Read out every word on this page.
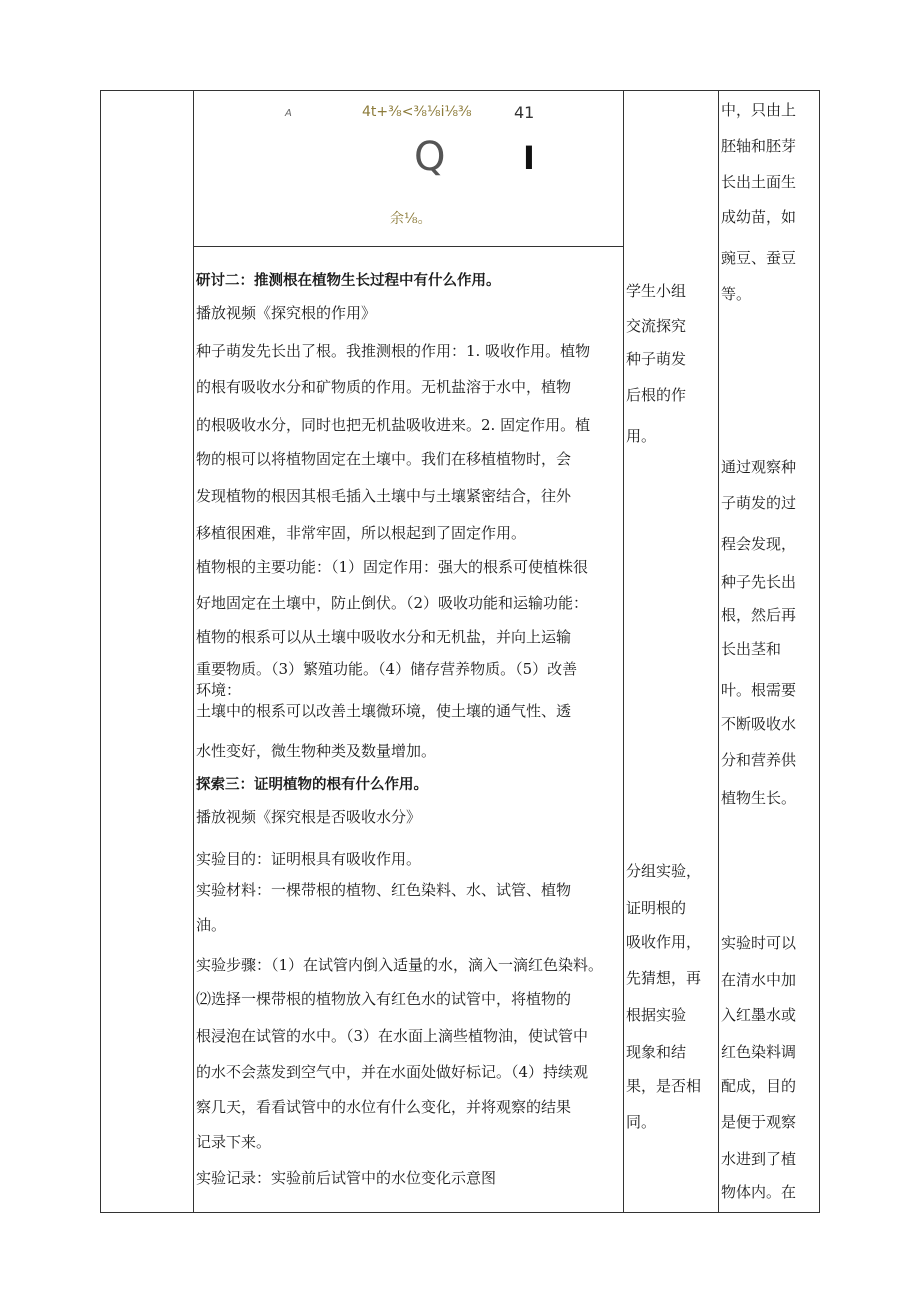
A	4t+⅜<⅜⅛i⅛⅜	41
Q I
余⅛。
研讨二：推测根在植物生长过程中有什么作用。
播放视频《探究根的作用》
种子萌发先长出了根。我推测根的作用：1. 吸收作用。植物
的根有吸收水分和矿物质的作用。无机盐溶于水中，植物
的根吸收水分，同时也把无机盐吸收进来。2. 固定作用。植
物的根可以将植物固定在土壤中。我们在移植植物时，会
发现植物的根因其根毛插入土壤中与土壤紧密结合，往外
移植很困难，非常牢固，所以根起到了固定作用。
植物根的主要功能：（1）固定作用：强大的根系可使植株很
好地固定在土壤中，防止倒伏。（2）吸收功能和运输功能：
植物的根系可以从土壤中吸收水分和无机盐，并向上运输
重要物质。（3）繁殖功能。（4）储存营养物质。（5）改善
环境：
土壤中的根系可以改善土壤微环境，使土壤的通气性、透
水性变好，微生物种类及数量增加。
探索三：证明植物的根有什么作用。
播放视频《探究根是否吸收水分》
实验目的：证明根具有吸收作用。
实验材料：一棵带根的植物、红色染料、水、试管、植物
油。
实验步骤：（1）在试管内倒入适量的水，滴入一滴红色染料。
⑵选择一棵带根的植物放入有红色水的试管中，将植物的
根浸泡在试管的水中。（3）在水面上滴些植物油，使试管中
的水不会蒸发到空气中，并在水面处做好标记。（4）持续观
察几天，看看试管中的水位有什么变化，并将观察的结果
记录下来。
实验记录：实验前后试管中的水位变化示意图
学生小组
交流探究
种子萌发
后根的作
用。
分组实验，
证明根的
吸收作用，
先猜想，再
根据实验
现象和结
果，是否相
同。
中，只由上
胚轴和胚芽
长出土面生
成幼苗，如
豌豆、蚕豆
等。
通过观察种
子萌发的过
程会发现，
种子先长出
根，然后再
长出茎和
叶。根需要
不断吸收水
分和营养供
植物生长。
实验时可以
在清水中加
入红墨水或
红色染料调
配成，目的
是便于观察
水进到了植
物体内。在
